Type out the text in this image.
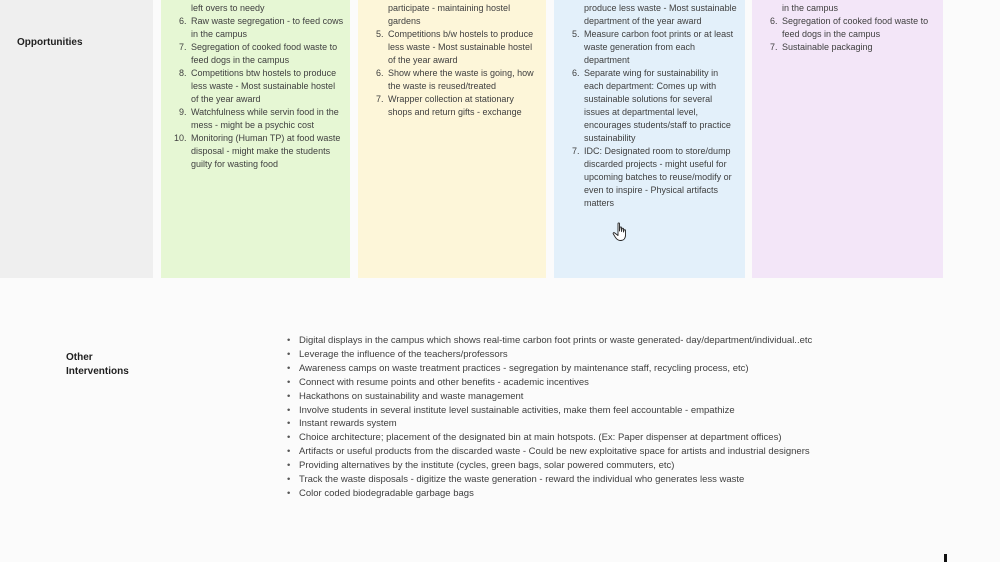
Opportunities
Other
Interventions
5. left overs to needy
6. Raw waste segregation - to feed cows in the campus
7. Segregation of cooked food waste to feed dogs in the campus
8. Competitions btw hostels to produce less waste - Most sustainable hostel of the year award
9. Watchfulness while servin food in the mess - might be a psychic cost
10. Monitoring (Human TP) at food waste disposal - might make the students guilty for wasting food
4. participate - maintaining hostel gardens
5. Competitions b/w hostels to produce less waste - Most sustainable hostel of the year award
6. Show where the waste is going, how the waste is reused/treated
7. Wrapper collection at stationary shops and return gifts - exchange
4. produce less waste - Most sustainable department of the year award
5. Measure carbon foot prints or at least waste generation from each department
6. Separate wing for sustainability in each department: Comes up with sustainable solutions for several issues at departmental level, encourages students/staff to practice sustainability
7. IDC: Designated room to store/dump discarded projects - might useful for upcoming batches to reuse/modify or even to inspire - Physical artifacts matters
5. in the campus
6. Segregation of cooked food waste to feed dogs in the campus
7. Sustainable packaging
• Digital displays in the campus which shows real-time carbon foot prints or waste generated- day/department/individual..etc
• Leverage the influence of the teachers/professors
• Awareness camps on waste treatment practices - segregation by maintenance staff, recycling process, etc)
• Connect with resume points and other benefits - academic incentives
• Hackathons on sustainability and waste management
• Involve students in several institute level sustainable activities, make them feel accountable - empathize
• Instant rewards system
• Choice architecture; placement of the designated bin at main hotspots. (Ex: Paper dispenser at department offices)
• Artifacts or useful products from the discarded waste - Could be new exploitative space for artists and industrial designers
• Providing alternatives by the institute (cycles, green bags, solar powered commuters, etc)
• Track the waste disposals - digitize the waste generation - reward the individual who generates less waste
• Color coded biodegradable garbage bags
